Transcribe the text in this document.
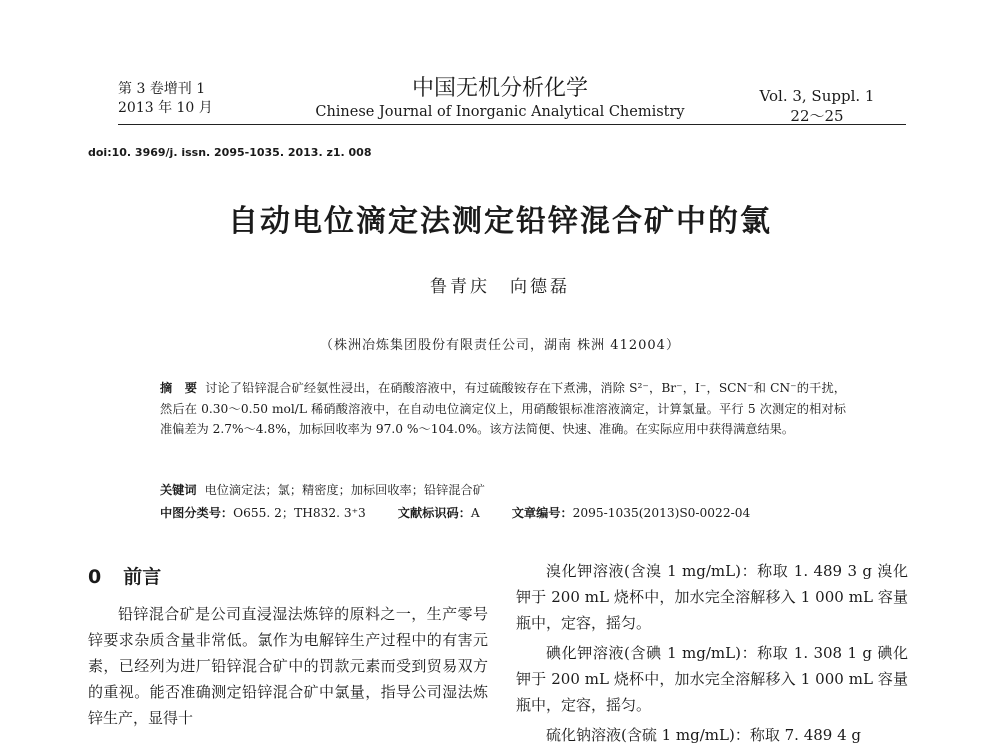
第 3 卷增刊 1
2013 年 10 月
中国无机分析化学
Chinese Journal of Inorganic Analytical Chemistry
Vol. 3, Suppl. 1
22～25
doi:10. 3969/j. issn. 2095-1035. 2013. z1. 008
自动电位滴定法测定铅锌混合矿中的氯
鲁青庆　向德磊
（株洲冶炼集团股份有限责任公司，湖南 株洲 412004）
摘　要 讨论了铅锌混合矿经氨性浸出，在硝酸溶液中，有过硫酸铵存在下煮沸，消除 S²⁻，Br⁻，I⁻，SCN⁻和 CN⁻的干扰，然后在 0.30～0.50 mol/L 稀硝酸溶液中，在自动电位滴定仪上，用硝酸银标准溶液滴定，计算氯量。平行 5 次测定的相对标准偏差为 2.7%～4.8%，加标回收率为 97.0 %～104.0%。该方法简便、快速、准确。在实际应用中获得满意结果。
关键词 电位滴定法；氯；精密度；加标回收率；铅锌混合矿
中图分类号：O655. 2；TH832. 3⁺3	文献标识码：A	文章编号：2095-1035(2013)S0-0022-04
0 前言

铅锌混合矿是公司直浸湿法炼锌的原料之一，生产零号锌要求杂质含量非常低。氯作为电解锌生产过程中的有害元素，已经列为进厂铅锌混合矿中的罚款元素而受到贸易双方的重视。能否准确测定铅锌混合矿中氯量，指导公司湿法炼锌生产，显得十

溴化钾溶液(含溴 1 mg/mL)：称取 1. 489 3 g 溴化钾于 200 mL 烧杯中，加水完全溶解移入 1 000 mL 容量瓶中，定容，摇匀。

碘化钾溶液(含碘 1 mg/mL)：称取 1. 308 1 g 碘化钾于 200 mL 烧杯中，加水完全溶解移入 1 000 mL 容量瓶中，定容，摇匀。

硫化钠溶液(含硫 1 mg/mL)：称取 7. 489 4 g
